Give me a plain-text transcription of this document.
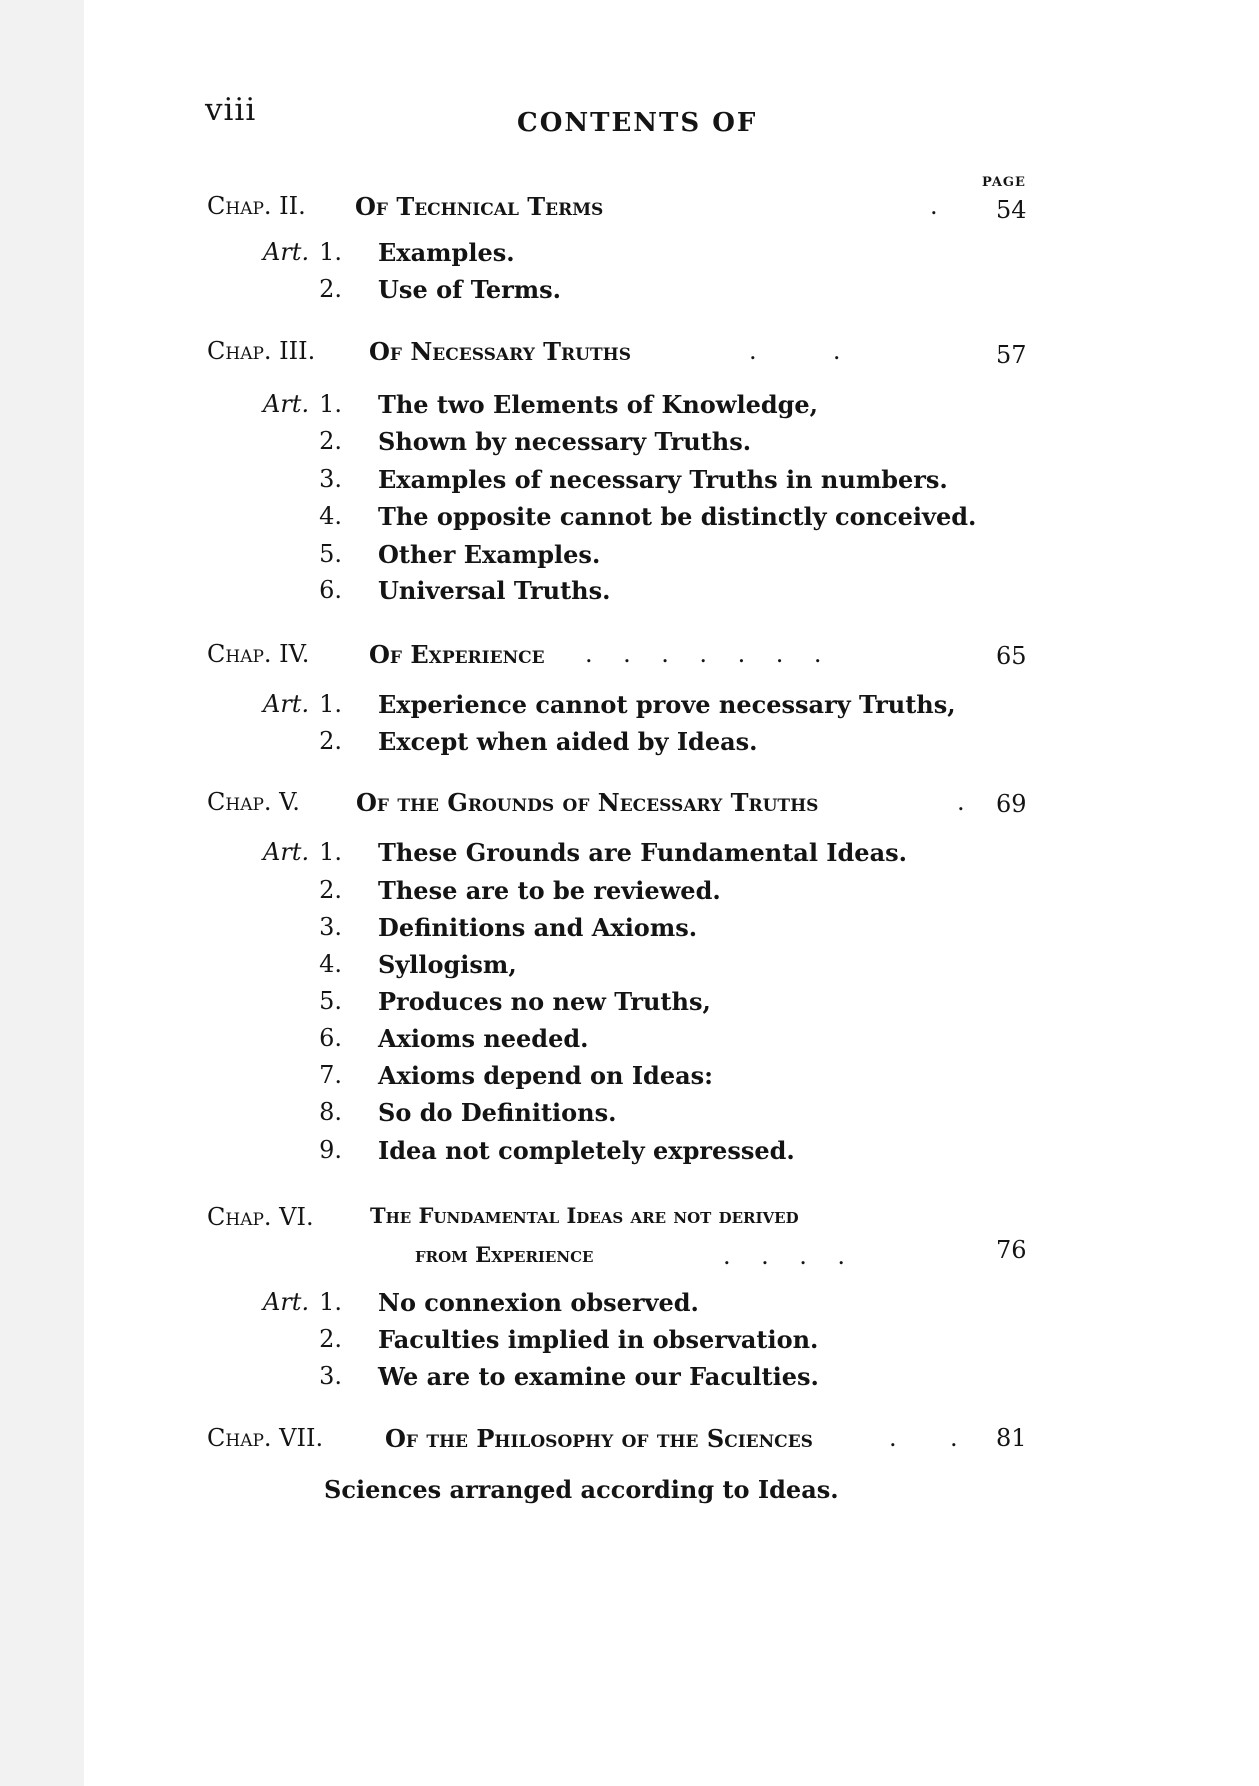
viii	CONTENTS OF
PAGE
Chap. II. Of Technical Terms	. 54
Art. 1. Examples.
2. Use of Terms.
Chap. III. Of Necessary Truths	.          .	57
Art. 1. The two Elements of Knowledge,
2. Shown by necessary Truths.
3. Examples of necessary Truths in numbers.
4. The opposite cannot be distinctly conceived.
5. Other Examples.
6. Universal Truths.
Chap. IV. Of Experience .    .    .    .    .    .    .	65
Art. 1. Experience cannot prove necessary Truths,
2. Except when aided by Ideas.
Chap. V. Of the Grounds of Necessary Truths	. 69
Art. 1. These Grounds are Fundamental Ideas.
2. These are to be reviewed.
3. Definitions and Axioms.
4. Syllogism,
5. Produces no new Truths,
6. Axioms needed.
7. Axioms depend on Ideas:
8. So do Definitions.
9. Idea not completely expressed.
Chap. VI.	The Fundamental Ideas are not derived
from Experience	.    .    .    .	76
Art. 1. No connexion observed.
2. Faculties implied in observation.
3. We are to examine our Faculties.
Chap. VII.	Of the Philosophy of the Sciences	.       . 81
Sciences arranged according to Ideas.
